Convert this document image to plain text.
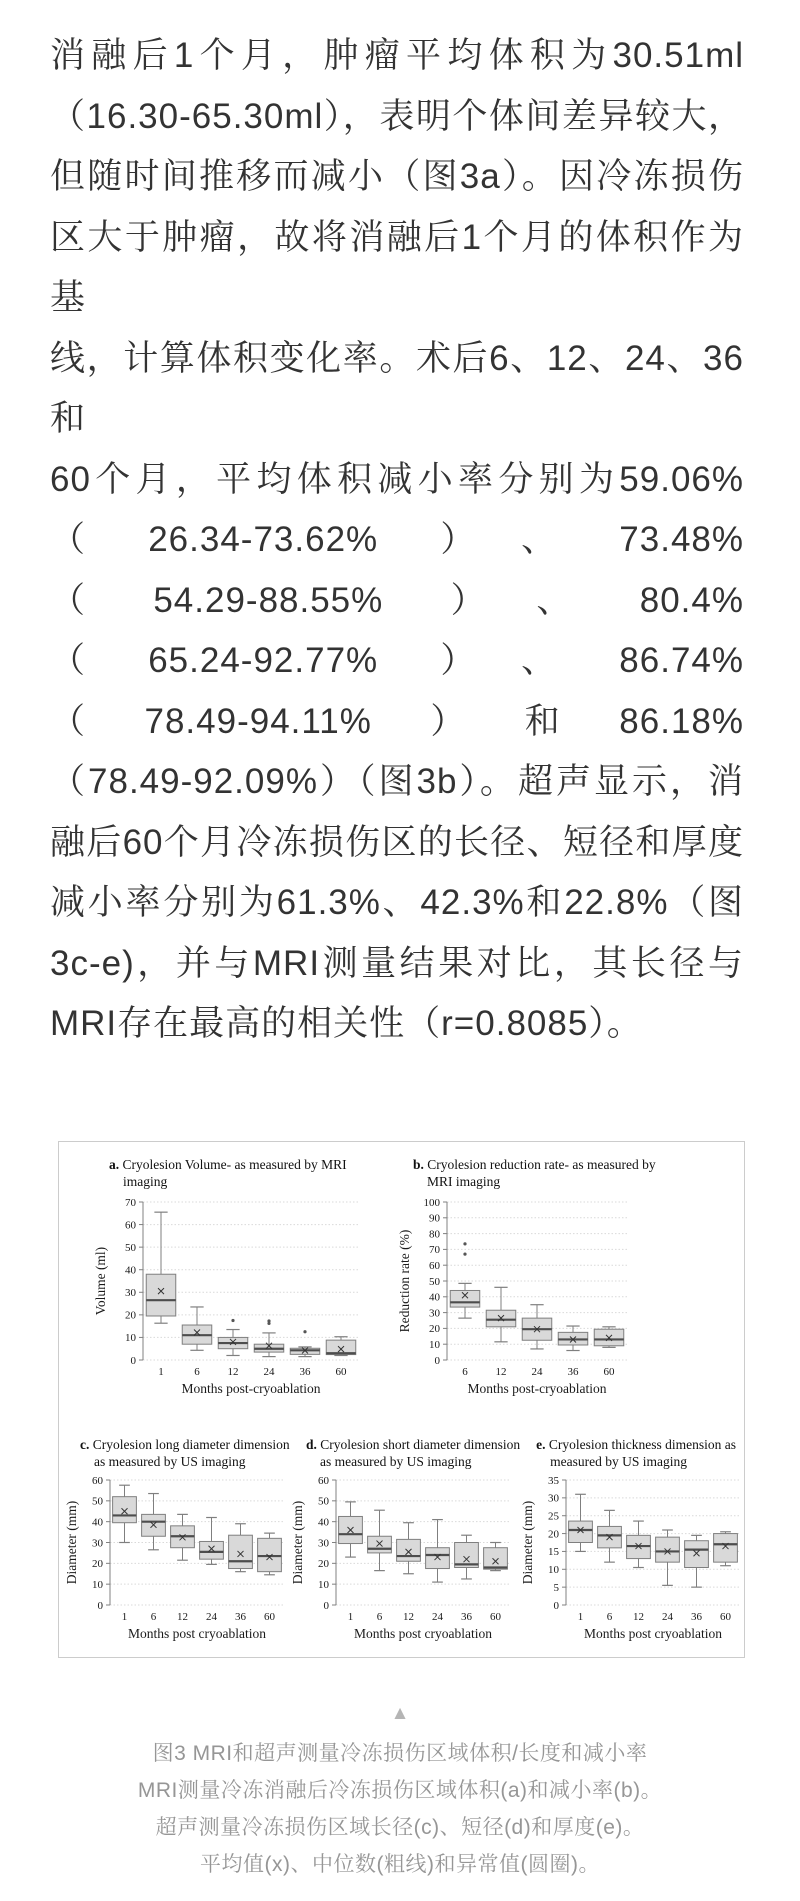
消融后1个月，肿瘤平均体积为30.51ml
（16.30-65.30ml），表明个体间差异较大，
但随时间推移而减小（图3a）。因冷冻损伤
区大于肿瘤，故将消融后1个月的体积作为基
线，计算体积变化率。术后6、12、24、36和
60个月，平均体积减小率分别为59.06%
（26.34-73.62%）、73.48%
（54.29-88.55%）、80.4%
（65.24-92.77%）、86.74%
（78.49-94.11%）和86.18%
（78.49-92.09%）（图3b）。超声显示，消
融后60个月冷冻损伤区的长径、短径和厚度
减小率分别为61.3%、42.3%和22.8%（图
3c-e)，并与MRI测量结果对比，其长径与
MRI存在最高的相关性（r=0.8085）。
a. Cryolesion Volume- as measured by MRI
imaging
0
10
20
30
40
50
60
70
1	6	12 24 36 60
Months post-cryoablation
Volume (ml)
b. Cryolesion reduction rate- as measured by
MRI imaging
0
10
20
30
40
50
60
70
80
90
100
6	12 24 36 60
Months post-cryoablation
Reduction rate (%)
c. Cryolesion long diameter dimension
as measured by US imaging
0
10
20
30
40
50
60
1 6 12 24 36 60
Months post cryoablation
Diameter (mm)
d. Cryolesion short diameter dimension
as measured by US imaging
0
10
20
30
40
50
60
1 6 12 24 36 60
Months post cryoablation
Diameter (mm)
e. Cryolesion thickness dimension as
measured by US imaging
0
5
10
15
20
25
30
35
1 6 12 24 36 60
Months post cryoablation
Diameter (mm)
▲
图3 MRI和超声测量冷冻损伤区域体积/长度和减小率
MRI测量冷冻消融后冷冻损伤区域体积(a)和减小率(b)。
超声测量冷冻损伤区域长径(c)、短径(d)和厚度(e)。
平均值(x)、中位数(粗线)和异常值(圆圈)。
